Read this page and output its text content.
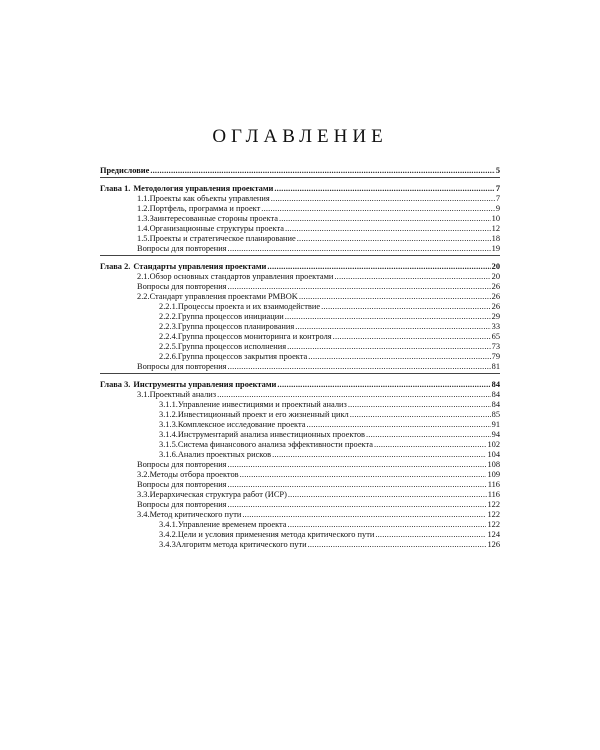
ОГЛАВЛЕНИЕ
Предисловие .....	5
Глава 1. Методология управления проектами .....	7
1.1. Проекты как объекты управления .....	7
1.2. Портфель, программа и проект .....	9
1.3. Заинтересованные стороны проекта .....	10
1.4. Организационные структуры проекта .....	12
1.5. Проекты и стратегическое планирование .....	18
Вопросы для повторения .....	19
Глава 2. Стандарты управления проектами .....	20
2.1. Обзор основных стандартов управления проектами .....	20
Вопросы для повторения .....	26
2.2. Стандарт управления проектами PMBOK .....	26
2.2.1. Процессы проекта и их взаимодействие .....	26
2.2.2. Группа процессов инициации .....	29
2.2.3. Группа процессов планирования .....	33
2.2.4. Группа процессов мониторинга и контроля .....	65
2.2.5. Группа процессов исполнения .....	73
2.2.6. Группа процессов закрытия проекта .....	79
Вопросы для повторения .....	81
Глава 3. Инструменты управления проектами .....	84
3.1. Проектный анализ .....	84
3.1.1. Управление инвестициями и проектный анализ .....	84
3.1.2. Инвестиционный проект и его жизненный цикл .....	85
3.1.3. Комплексное исследование проекта .....	91
3.1.4. Инструментарий анализа инвестиционных проектов .....	94
3.1.5. Система финансового анализа эффективности проекта .....	102
3.1.6. Анализ проектных рисков .....	104
Вопросы для повторения .....	108
3.2. Методы отбора проектов .....	109
Вопросы для повторения .....	116
3.3. Иерархическая структура работ (ИСР) .....	116
Вопросы для повторения .....	122
3.4. Метод критического пути .....	122
3.4.1. Управление временем проекта .....	122
3.4.2. Цели и условия применения метода критического пути .....	124
3.4.3 Алгоритм метода критического пути .....	126
